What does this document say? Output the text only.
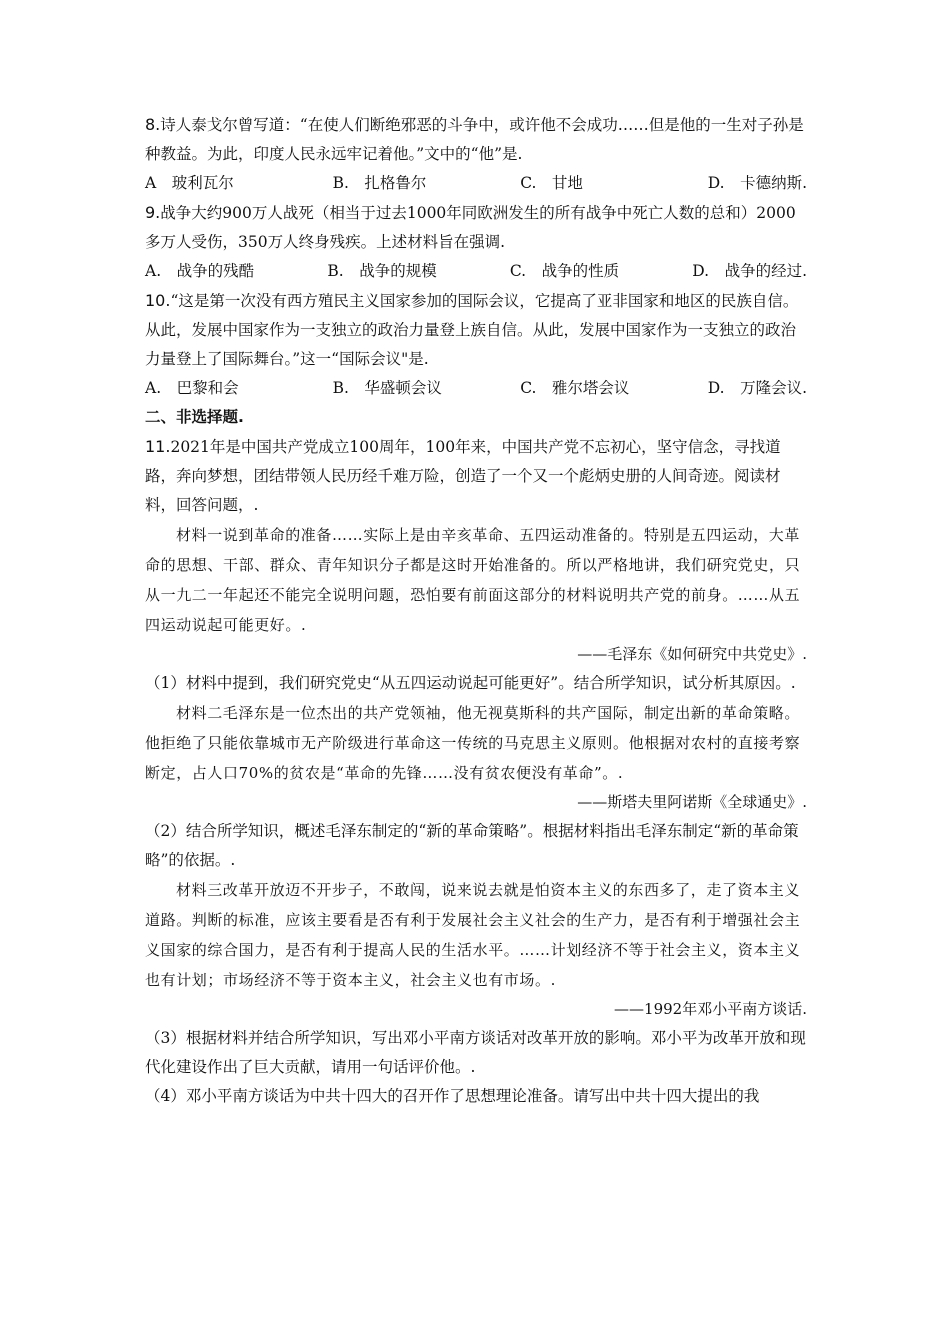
8.诗人泰戈尔曾写道：“在使人们断绝邪恶的斗争中，或许他不会成功……但是他的一生对子孙是种教益。为此，印度人民永远牢记着他。”文中的“他”是.

A　玻利瓦尔	B.　扎格鲁尔	C.　甘地	D.　卡德纳斯.

9.战争大约900万人战死（相当于过去1000年同欧洲发生的所有战争中死亡人数的总和）2000多万人受伤，350万人终身残疾。上述材料旨在强调.

A.　战争的残酷	B.　战争的规模	C.　战争的性质	D.　战争的经过.

10.“这是第一次没有西方殖民主义国家参加的国际会议，它提高了亚非国家和地区的民族自信。从此，发展中国家作为一支独立的政治力量登上族自信。从此，发展中国家作为一支独立的政治力量登上了国际舞台。”这一“国际会议"是.

A.　巴黎和会	B.　华盛顿会议	C.　雅尔塔会议	D.　万隆会议.

二、非选择题.

11.2021年是中国共产党成立100周年，100年来，中国共产党不忘初心，坚守信念，寻找道路，奔向梦想，团结带领人民历经千难万险，创造了一个又一个彪炳史册的人间奇迹。阅读材料，回答问题，.

材料一说到革命的准备……实际上是由辛亥革命、五四运动准备的。特别是五四运动，大革命的思想、干部、群众、青年知识分子都是这时开始准备的。所以严格地讲，我们研究党史，只从一九二一年起还不能完全说明问题，恐怕要有前面这部分的材料说明共产党的前身。……从五四运动说起可能更好。.

——毛泽东《如何研究中共党史》.

（1）材料中提到，我们研究党史“从五四运动说起可能更好”。结合所学知识，试分析其原因。.

材料二毛泽东是一位杰出的共产党领袖，他无视莫斯科的共产国际，制定出新的革命策略。他拒绝了只能依靠城市无产阶级进行革命这一传统的马克思主义原则。他根据对农村的直接考察断定，占人口70%的贫农是“革命的先锋……没有贫农便没有革命”。.

——斯塔夫里阿诺斯《全球通史》.

（2）结合所学知识，概述毛泽东制定的“新的革命策略”。根据材料指出毛泽东制定“新的革命策略”的依据。.

材料三改革开放迈不开步子，不敢闯，说来说去就是怕资本主义的东西多了，走了资本主义道路。判断的标准，应该主要看是否有利于发展社会主义社会的生产力，是否有利于增强社会主义国家的综合国力，是否有利于提高人民的生活水平。……计划经济不等于社会主义，资本主义也有计划；市场经济不等于资本主义，社会主义也有市场。.

——1992年邓小平南方谈话.

（3）根据材料并结合所学知识，写出邓小平南方谈话对改革开放的影响。邓小平为改革开放和现代化建设作出了巨大贡献，请用一句话评价他。.

（4）邓小平南方谈话为中共十四大的召开作了思想理论准备。请写出中共十四大提出的我
